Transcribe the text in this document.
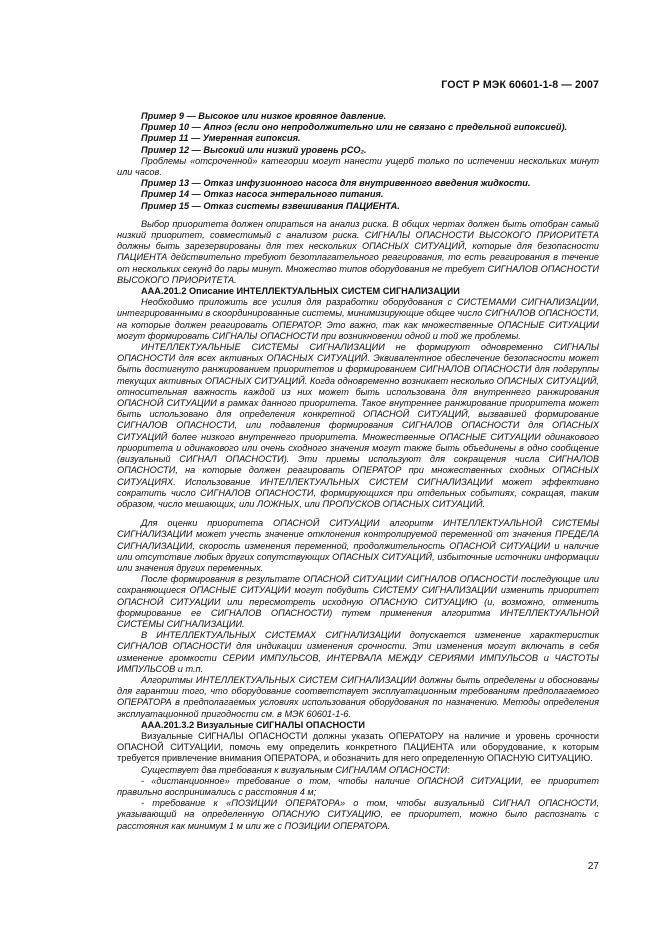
ГОСТ Р МЭК 60601-1-8 — 2007

Пример 9 — Высокое или низкое кровяное давление.

Пример 10 — Апноэ (если оно непродолжительно или не связано с предельной гипоксией).

Пример 11 — Умеренная гипоксия.

Пример 12 — Высокий или низкий уровень pCO₂.

Проблемы «отсроченной» категории могут нанести ущерб только по истечении нескольких минут или часов.

Пример 13 — Отказ инфузионного насоса для внутривенного введения жидкости.

Пример 14 — Отказ насоса энтерального питания.

Пример 15 — Отказ системы взвешивания ПАЦИЕНТА.

Выбор приоритета должен опираться на анализ риска. В общих чертах должен быть отобран самый низкий приоритет, совместимый с анализом риска. СИГНАЛЫ ОПАСНОСТИ ВЫСОКОГО ПРИОРИТЕТА должны быть зарезервированы для тех нескольких ОПАСНЫХ СИТУАЦИЙ, которые для безопасности ПАЦИЕНТА действительно требуют безотлагательного реагирования, то есть реагирования в течение от нескольких секунд до пары минут. Множество типов оборудования не требует СИГНАЛОВ ОПАСНОСТИ ВЫСОКОГО ПРИОРИТЕТА.

ААА.201.2 Описание ИНТЕЛЛЕКТУАЛЬНЫХ СИСТЕМ СИГНАЛИЗАЦИИ

Необходимо приложить все усилия для разработки оборудования с СИСТЕМАМИ СИГНАЛИЗАЦИИ, интегрированными в скоординированные системы, минимизирующие общее число СИГНАЛОВ ОПАСНОСТИ, на которые должен реагировать ОПЕРАТОР. Это важно, так как множественные ОПАСНЫЕ СИТУАЦИИ могут формировать СИГНАЛЫ ОПАСНОСТИ при возникновении одной и той же проблемы.

ИНТЕЛЛЕКТУАЛЬНЫЕ СИСТЕМЫ СИГНАЛИЗАЦИИ не формируют одновременно СИГНАЛЫ ОПАСНОСТИ для всех активных ОПАСНЫХ СИТУАЦИЙ. Эквивалентное обеспечение безопасности может быть достигнуто ранжированием приоритетов и формированием СИГНАЛОВ ОПАСНОСТИ для подгруппы текущих активных ОПАСНЫХ СИТУАЦИЙ. Когда одновременно возникает несколько ОПАСНЫХ СИТУАЦИЙ, относительная важность каждой из них может быть использована для внутреннего ранжирования ОПАСНОЙ СИТУАЦИИ в рамках данного приоритета. Такое внутреннее ранжирование приоритета может быть использовано для определения конкретной ОПАСНОЙ СИТУАЦИЙ, вызвавшей формирование СИГНАЛОВ ОПАСНОСТИ, или подавления формирования СИГНАЛОВ ОПАСНОСТИ для ОПАСНЫХ СИТУАЦИЙ более низкого внутреннего приоритета. Множественные ОПАСНЫЕ СИТУАЦИИ одинакового приоритета и одинакового или очень сходного значения могут также быть объединены в одно сообщение (визуальный СИГНАЛ ОПАСНОСТИ). Эти приемы используют для сокращения числа СИГНАЛОВ ОПАСНОСТИ, на которые должен реагировать ОПЕРАТОР при множественных сходных ОПАСНЫХ СИТУАЦИЯХ. Использование ИНТЕЛЛЕКТУАЛЬНЫХ СИСТЕМ СИГНАЛИЗАЦИИ может эффективно сократить число СИГНАЛОВ ОПАСНОСТИ, формирующихся при отдельных событиях, сокращая, таким образом, число мешающих, или ЛОЖНЫХ, или ПРОПУСКОВ ОПАСНЫХ СИТУАЦИЙ.

Для оценки приоритета ОПАСНОЙ СИТУАЦИИ алгоритм ИНТЕЛЛЕКТУАЛЬНОЙ СИСТЕМЫ СИГНАЛИЗАЦИИ может учесть значение отклонения контролируемой переменной от значения ПРЕДЕЛА СИГНАЛИЗАЦИИ, скорость изменения переменной, продолжительность ОПАСНОЙ СИТУАЦИИ и наличие или отсутствие любых других сопутствующих ОПАСНЫХ СИТУАЦИЙ, избыточные источники информации или значения других переменных.

После формирования в результате ОПАСНОЙ СИТУАЦИИ СИГНАЛОВ ОПАСНОСТИ последующие или сохраняющиеся ОПАСНЫЕ СИТУАЦИИ могут побудить СИСТЕМУ СИГНАЛИЗАЦИИ изменить приоритет ОПАСНОЙ СИТУАЦИИ или пересмотреть исходную ОПАСНУЮ СИТУАЦИЮ (и, возможно, отменить формирование ее СИГНАЛОВ ОПАСНОСТИ) путем применения алгоритма ИНТЕЛЛЕКТУАЛЬНОЙ СИСТЕМЫ СИГНАЛИЗАЦИИ.

В ИНТЕЛЛЕКТУАЛЬНЫХ СИСТЕМАХ СИГНАЛИЗАЦИИ допускается изменение характеристик СИГНАЛОВ ОПАСНОСТИ для индикации изменения срочности. Эти изменения могут включать в себя изменение громкости СЕРИИ ИМПУЛЬСОВ, ИНТЕРВАЛА МЕЖДУ СЕРИЯМИ ИМПУЛЬСОВ и ЧАСТОТЫ ИМПУЛЬСОВ и т.п.

Алгоритмы ИНТЕЛЛЕКТУАЛЬНЫХ СИСТЕМ СИГНАЛИЗАЦИИ должны быть определены и обоснованы для гарантии того, что оборудование соответствует эксплуатационным требованиям предполагаемого ОПЕРАТОРА в предполагаемых условиях использования оборудования по назначению. Методы определения эксплуатационной пригодности см. в МЭК 60601-1-6.

ААА.201.3.2 Визуальные СИГНАЛЫ ОПАСНОСТИ

Визуальные СИГНАЛЫ ОПАСНОСТИ должны указать ОПЕРАТОРУ на наличие и уровень срочности ОПАСНОЙ СИТУАЦИИ, помочь ему определить конкретного ПАЦИЕНТА или оборудование, к которым требуется привлечение внимания ОПЕРАТОРА, и обозначить для него определенную ОПАСНУЮ СИТУАЦИЮ.

Существует два требования к визуальным СИГНАЛАМ ОПАСНОСТИ:

- «дистанционное» требование о том, чтобы наличие ОПАСНОЙ СИТУАЦИИ, ее приоритет правильно воспринимались с расстояния 4 м;

- требование к «ПОЗИЦИИ ОПЕРАТОРА» о том, чтобы визуальный СИГНАЛ ОПАСНОСТИ, указывающий на определенную ОПАСНУЮ СИТУАЦИЮ, ее приоритет, можно было распознать с расстояния как минимум 1 м или же с ПОЗИЦИИ ОПЕРАТОРА.

27
